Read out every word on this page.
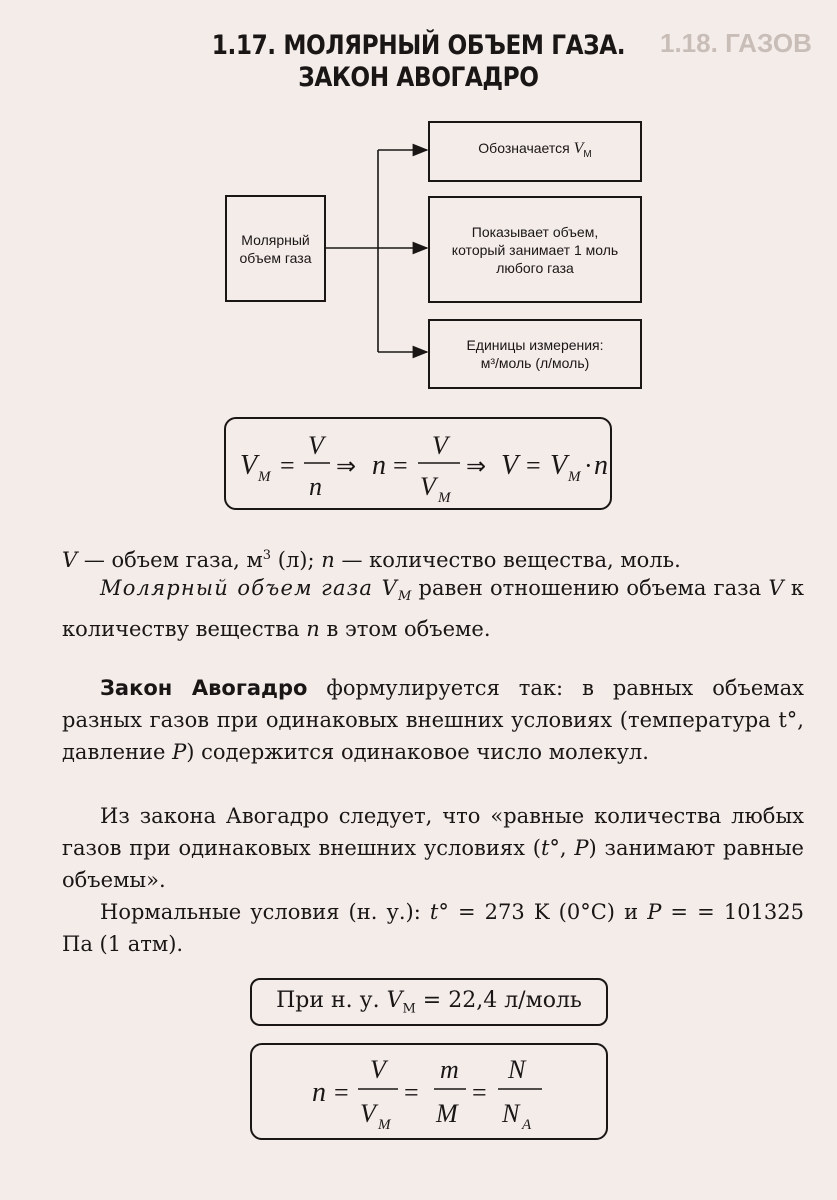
1.18. ГАЗОВ
1.17. МОЛЯРНЫЙ ОБЪЕМ ГАЗА.
ЗАКОН АВОГАДРО
Молярный объем газа
Обозначается $V_M$
Показывает объем, который занимает 1 моль любого газа
Единицы измерения: м³/моль (л/моль)
V M =
V
n
⇒ n =
V
V M
⇒ V = V M · n
V — объем газа, $м^3$ (л); n — количество вещества, моль.
Молярный объем газа $V_M$ равен отношению объема газа V к количеству вещества n в этом объеме.
Закон Авогадро формулируется так: в равных объемах разных газов при одинаковых внешних условиях (температура t°, давление P) содержится одинаковое число молекул.
Из закона Авогадро следует, что «равные количества любых газов при одинаковых внешних условиях (t°, P) занимают равные объемы».
Нормальные условия (н. у.): t° = 273 K (0°C) и P = = 101325 Па (1 атм).
При н. у. $V_M = 22,4$ л/моль
n =
V
V M
=
m
M
=
N
N A
